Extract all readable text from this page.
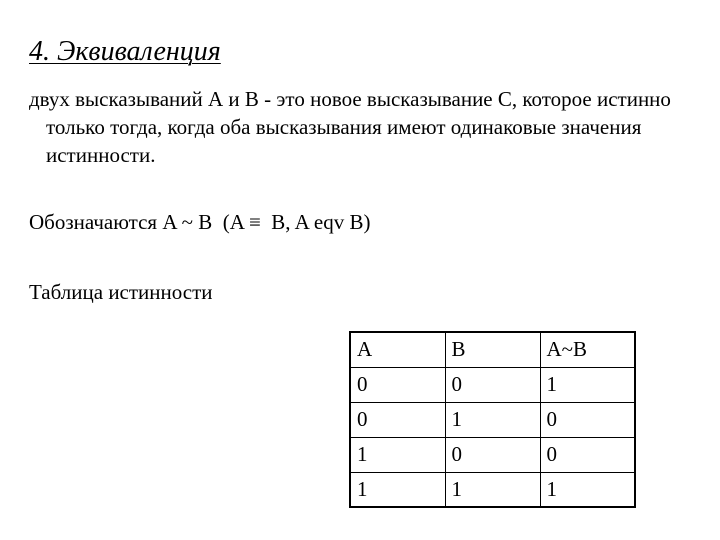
4. Эквиваленция

двух высказываний А и В - это новое высказывание С, которое истинно только тогда, когда оба высказывания имеют одинаковые значения истинности.

Обозначаются A ~ B  (A ≡  B, A eqv B)
Таблица истинности
A	B	A~B
0	0	1
0	1	0
1	0	0
1	1	1
